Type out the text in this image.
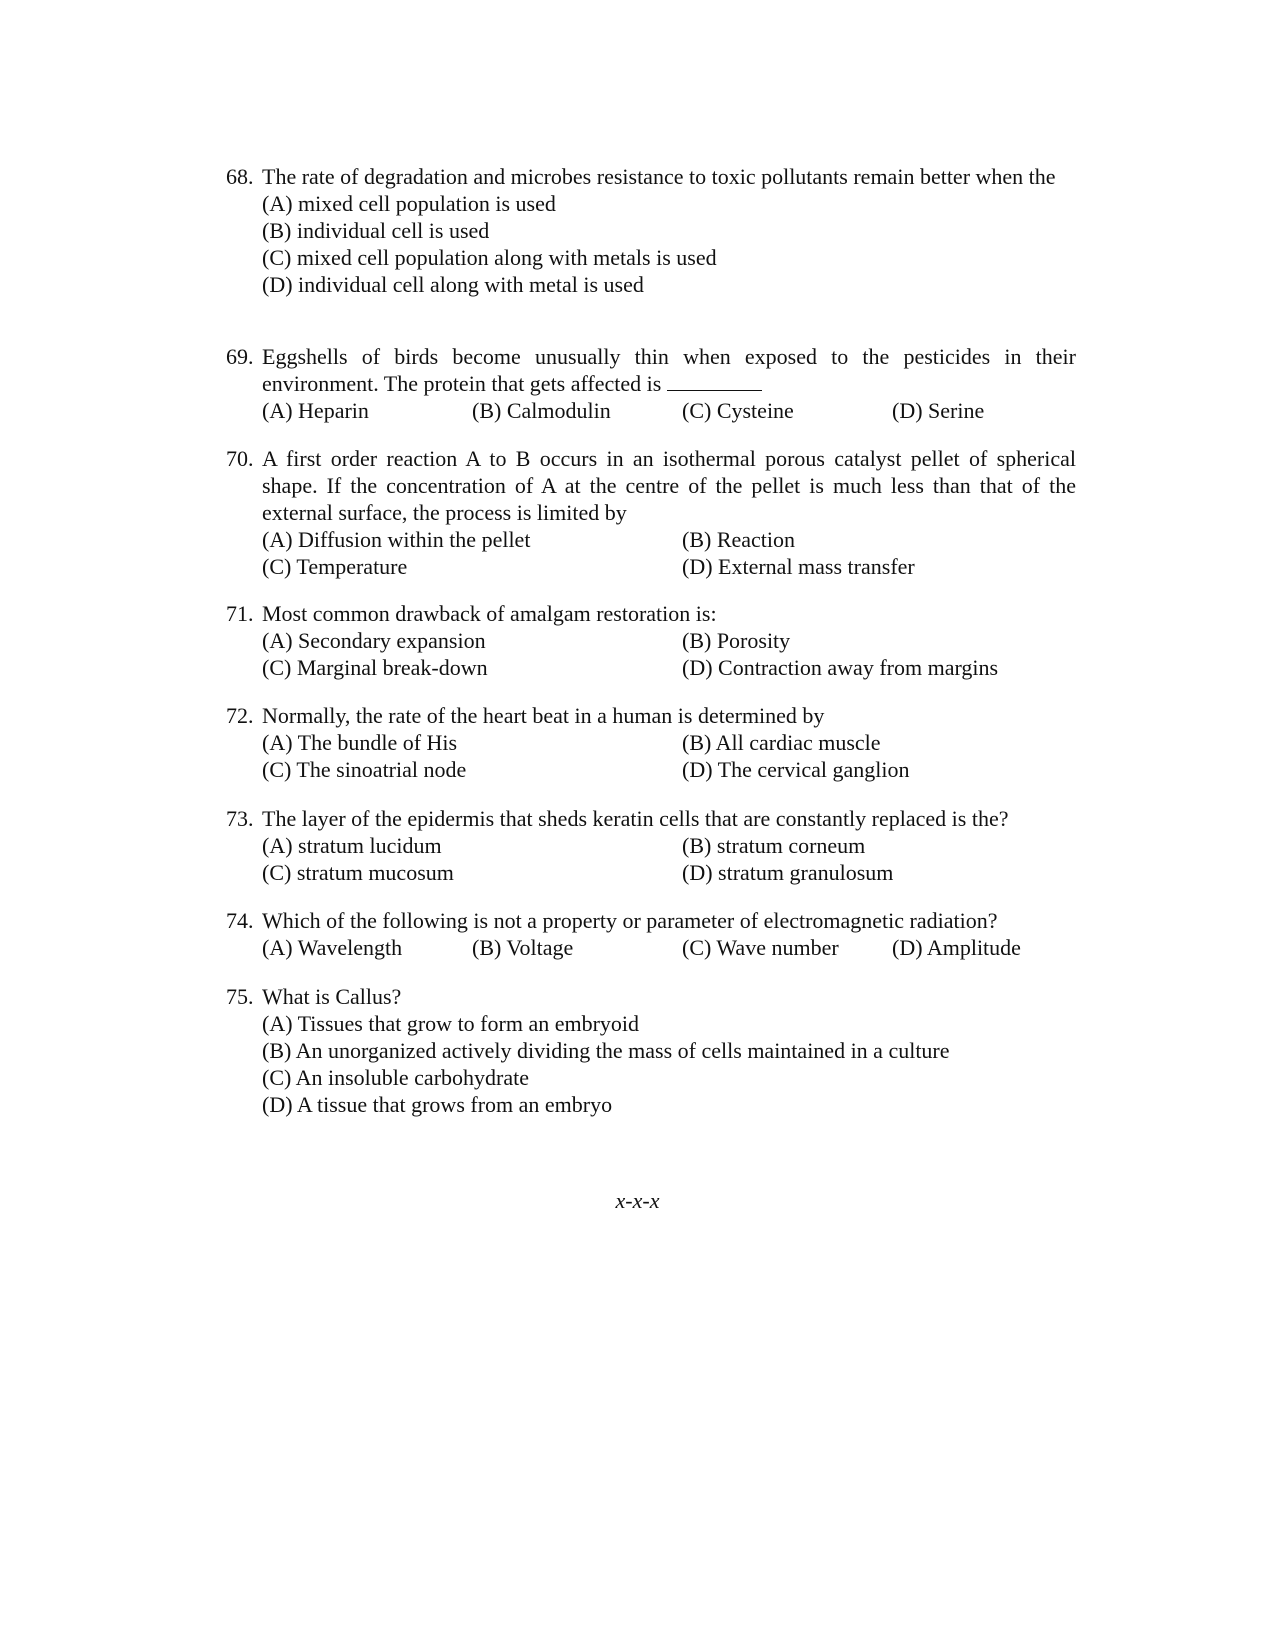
68. The rate of degradation and microbes resistance to toxic pollutants remain better when the
(A) mixed cell population is used
(B) individual cell is used
(C) mixed cell population along with metals is used
(D) individual cell along with metal is used
69. Eggshells of birds become unusually thin when exposed to the pesticides in their environment. The protein that gets affected is
(A) Heparin	(B) Calmodulin	(C) Cysteine	(D) Serine
70. A first order reaction A to B occurs in an isothermal porous catalyst pellet of spherical shape. If the concentration of A at the centre of the pellet is much less than that of the external surface, the process is limited by
(A) Diffusion within the pellet	(B) Reaction
(C) Temperature	(D) External mass transfer
71. Most common drawback of amalgam restoration is:
(A) Secondary expansion	(B) Porosity
(C) Marginal break-down	(D) Contraction away from margins
72. Normally, the rate of the heart beat in a human is determined by
(A) The bundle of His	(B) All cardiac muscle
(C) The sinoatrial node	(D) The cervical ganglion
73. The layer of the epidermis that sheds keratin cells that are constantly replaced is the?
(A) stratum lucidum	(B) stratum corneum
(C) stratum mucosum	(D) stratum granulosum
74. Which of the following is not a property or parameter of electromagnetic radiation?
(A) Wavelength	(B) Voltage	(C) Wave number	(D) Amplitude
75. What is Callus?
(A) Tissues that grow to form an embryoid
(B) An unorganized actively dividing the mass of cells maintained in a culture
(C) An insoluble carbohydrate
(D) A tissue that grows from an embryo
x-x-x
